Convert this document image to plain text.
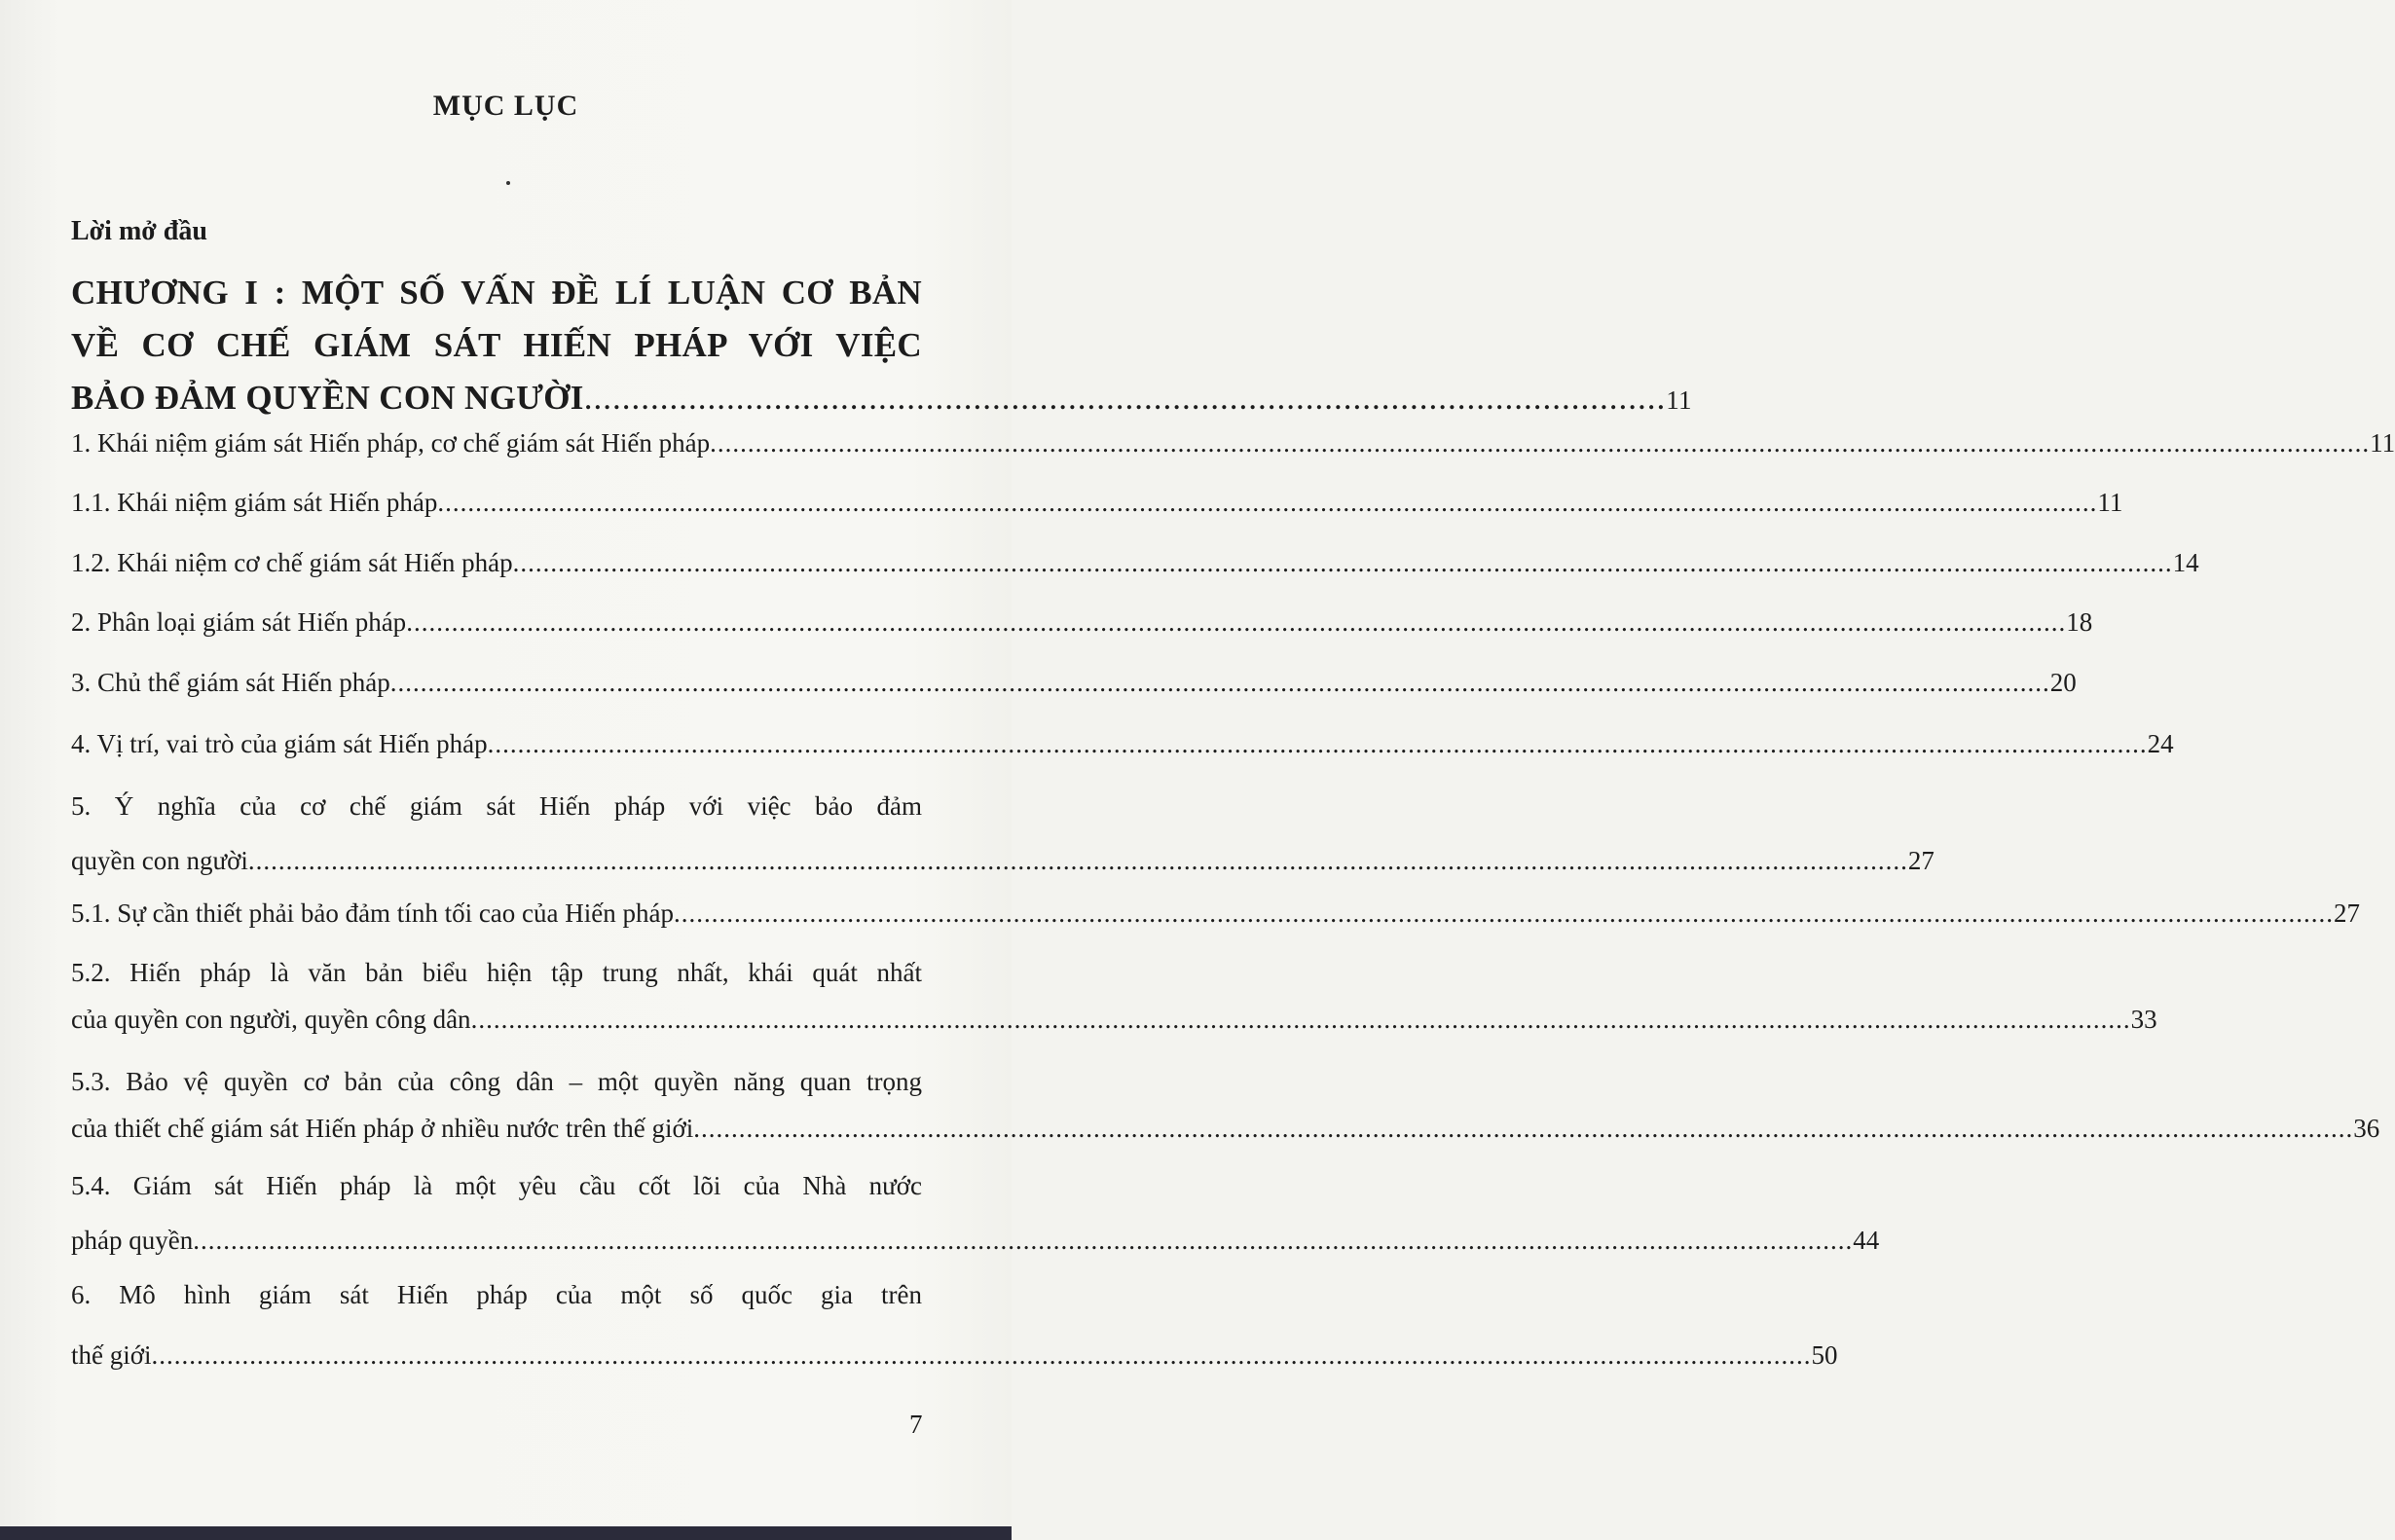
MỤC LỤC
Lời mở đầu
CHƯƠNG I : MỘT SỐ VẤN ĐỀ LÍ LUẬN CƠ BẢN
VỀ CƠ CHẾ GIÁM SÁT HIẾN PHÁP VỚI VIỆC
BẢO ĐẢM QUYỀN CON NGƯỜI .................................................................................................................. 11
1. Khái niệm giám sát Hiến pháp, cơ chế giám sát Hiến pháp ............................................................................................................................................................................................................................ 11
1.1. Khái niệm giám sát Hiến pháp ............................................................................................................................................................................................................................ 11
1.2. Khái niệm cơ chế giám sát Hiến pháp ............................................................................................................................................................................................................................ 14
2. Phân loại giám sát Hiến pháp ............................................................................................................................................................................................................................ 18
3. Chủ thể giám sát Hiến pháp ............................................................................................................................................................................................................................ 20
4. Vị trí, vai trò của giám sát Hiến pháp ............................................................................................................................................................................................................................ 24
5. Ý nghĩa của cơ chế giám sát Hiến pháp với việc bảo đảm
quyền con người ............................................................................................................................................................................................................................ 27
5.1. Sự cần thiết phải bảo đảm tính tối cao của Hiến pháp ............................................................................................................................................................................................................................ 27
5.2. Hiến pháp là văn bản biểu hiện tập trung nhất, khái quát nhất
của quyền con người, quyền công dân ............................................................................................................................................................................................................................ 33
5.3. Bảo vệ quyền cơ bản của công dân – một quyền năng quan trọng
của thiết chế giám sát Hiến pháp ở nhiều nước trên thế giới ............................................................................................................................................................................................................................ 36
5.4. Giám sát Hiến pháp là một yêu cầu cốt lõi của Nhà nước
pháp quyền ............................................................................................................................................................................................................................ 44
6. Mô hình giám sát Hiến pháp của một số quốc gia trên
thế giới ............................................................................................................................................................................................................................ 50
7
